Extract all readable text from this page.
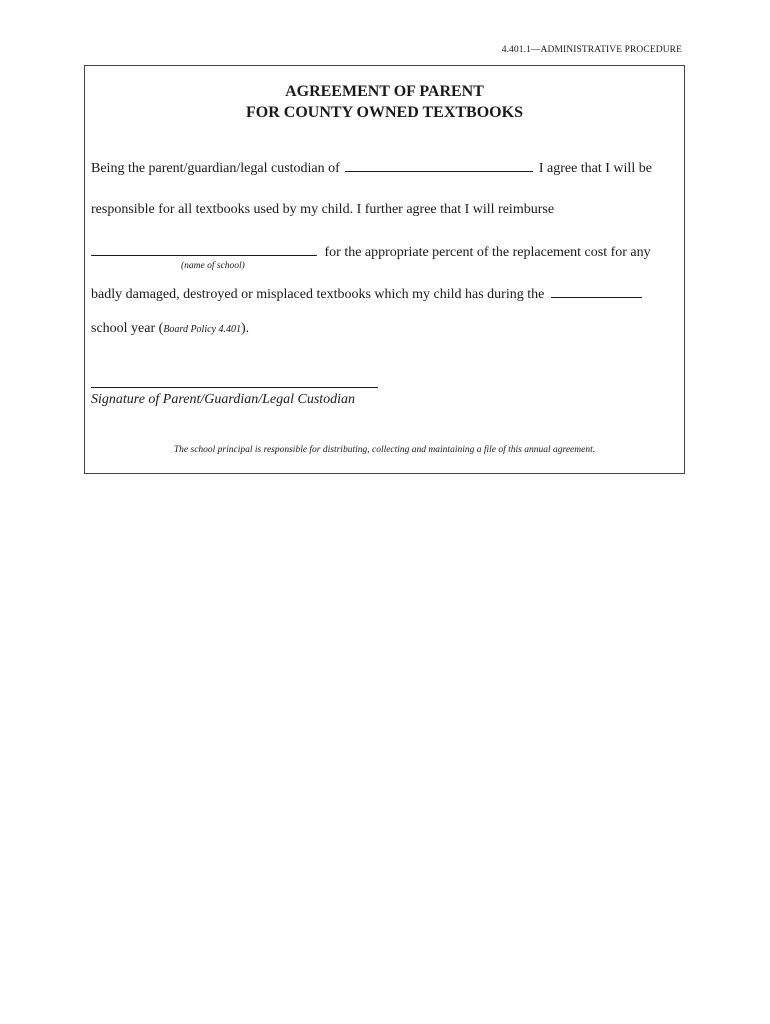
4.401.1—ADMINISTRATIVE PROCEDURE
AGREEMENT OF PARENT
FOR COUNTY OWNED TEXTBOOKS
Being the parent/guardian/legal custodian of	I agree that I will be
responsible for all textbooks used by my child. I further agree that I will reimburse
for the appropriate percent of the replacement cost for any
(name of school)
badly damaged, destroyed or misplaced textbooks which my child has during the
school year (Board Policy 4.401).
Signature of Parent/Guardian/Legal Custodian
The school principal is responsible for distributing, collecting and maintaining a file of this annual agreement.
